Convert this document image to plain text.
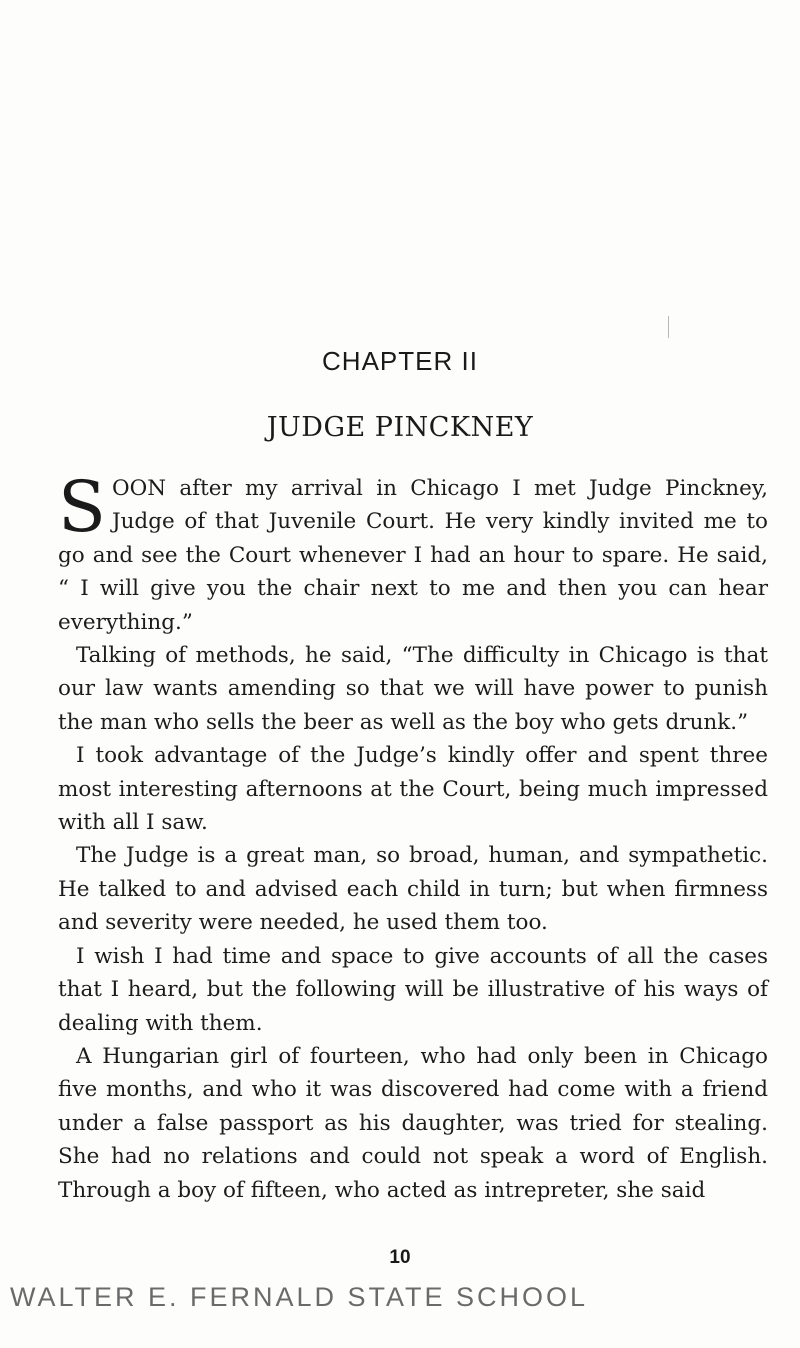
CHAPTER II
JUDGE PINCKNEY

SOON after my arrival in Chicago I met Judge Pinckney, Judge of that Juvenile Court. He very kindly invited me to go and see the Court whenever I had an hour to spare. He said, “ I will give you the chair next to me and then you can hear everything.”

Talking of methods, he said, “The difficulty in Chicago is that our law wants amending so that we will have power to punish the man who sells the beer as well as the boy who gets drunk.”

I took advantage of the Judge’s kindly offer and spent three most interesting afternoons at the Court, being much impressed with all I saw.

The Judge is a great man, so broad, human, and sympathetic. He talked to and advised each child in turn; but when firmness and severity were needed, he used them too.

I wish I had time and space to give accounts of all the cases that I heard, but the following will be illustrative of his ways of dealing with them.

A Hungarian girl of fourteen, who had only been in Chicago five months, and who it was discovered had come with a friend under a false passport as his daughter, was tried for stealing. She had no relations and could not speak a word of English. Through a boy of fifteen, who acted as intrepreter, she said

10
WALTER E. FERNALD STATE SCHOOL
